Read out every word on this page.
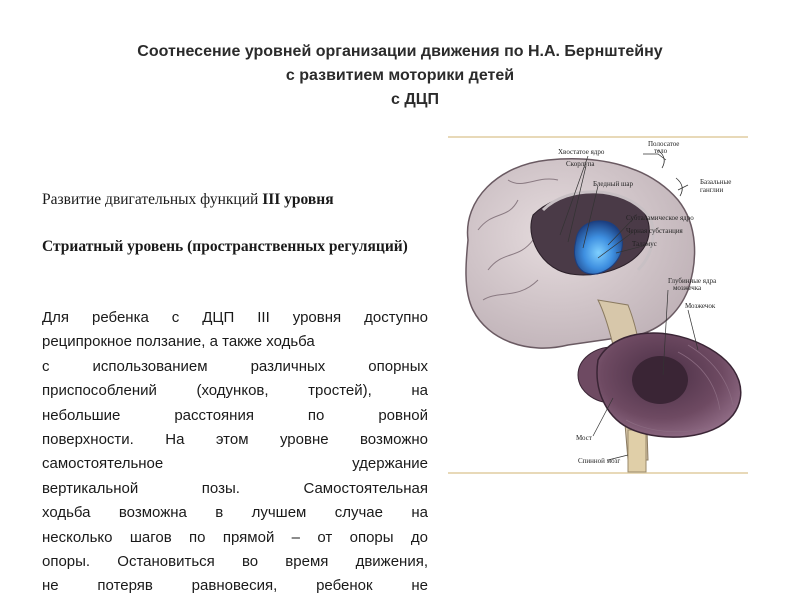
Соотнесение уровней организации движения по Н.А. Бернштейну
с развитием моторики детей
с ДЦП
Развитие двигательных функций III уровня
Стриатный уровень (пространственных регуляций)
Для ребенка с ДЦП III уровня доступно
реципрокное ползание, а также ходьба
с использованием различных опорных
приспособлений (ходунков, тростей), на
небольшие расстояния по ровной
поверхности. На этом уровне возможно
самостоятельное удержание
вертикальной позы. Самостоятельная
ходьба возможна в лучшем случае на
несколько шагов по прямой – от опоры до
опоры. Остановиться во время движения,
не потеряв равновесия, ребенок не
Хвостатое ядро
Скорлупа
Полосатое
тело
Бледный шар	Базальные
ганглии
Субталамическое ядро
Черная субстанция
Таламус
Глубинные ядра
мозжечка
Мозжечок
Мост
Спинной мозг
